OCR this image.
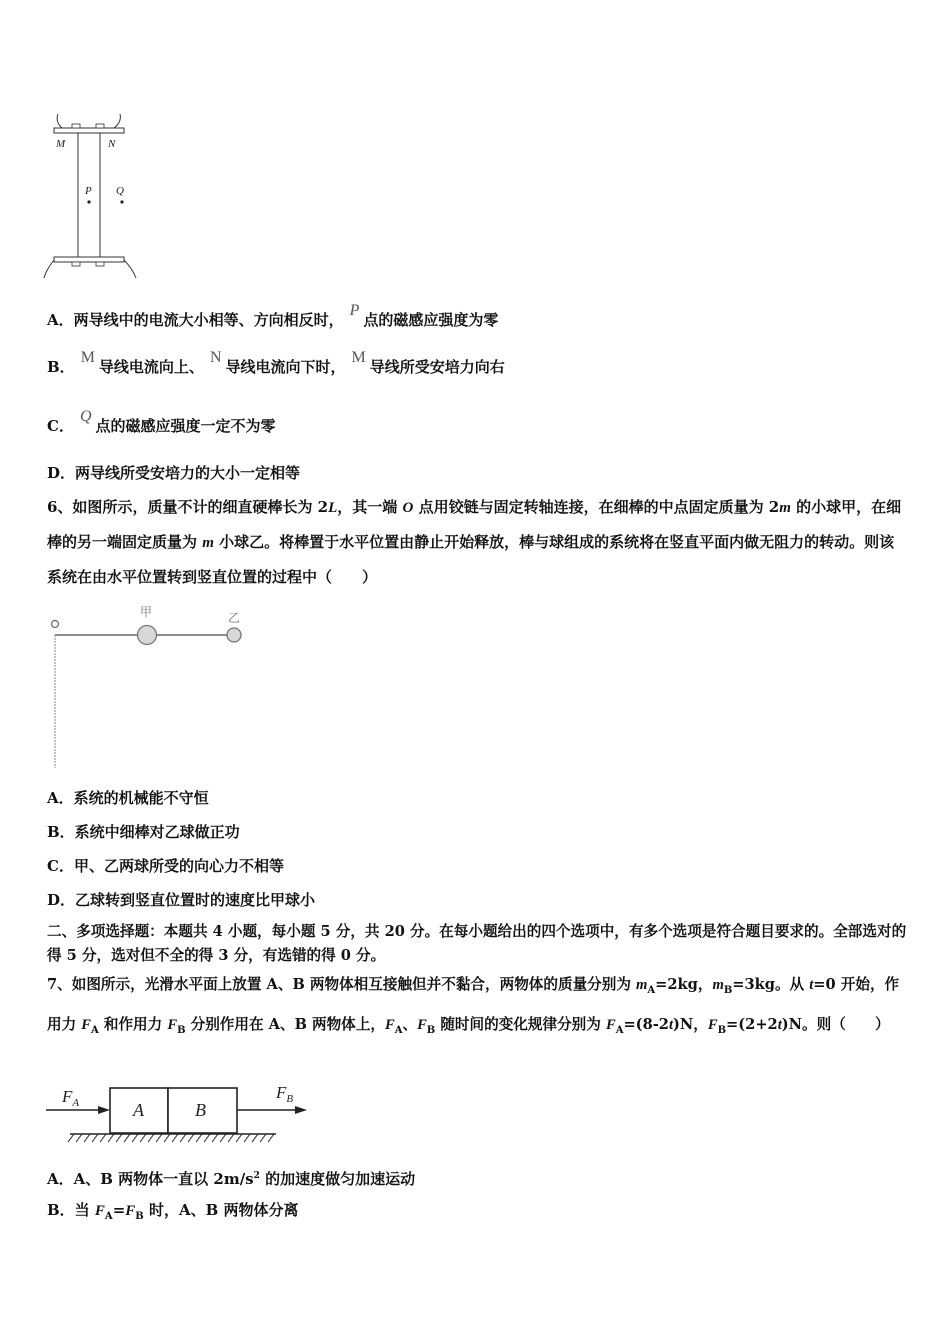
M	N
P Q
A．两导线中的电流大小相等、方向相反时，P点的磁感应强度为零
B．M导线电流向上、N导线电流向下时，M导线所受安培力向右
C．Q点的磁感应强度一定不为零
D．两导线所受安培力的大小一定相等
6、如图所示，质量不计的细直硬棒长为 2L，其一端 O 点用铰链与固定转轴连接，在细棒的中点固定质量为 2m 的小球甲，在细棒的另一端固定质量为 m 小球乙。将棒置于水平位置由静止开始释放，棒与球组成的系统将在竖直平面内做无阻力的转动。则该系统在由水平位置转到竖直位置的过程中（　　）
甲	乙
A．系统的机械能不守恒
B．系统中细棒对乙球做正功
C．甲、乙两球所受的向心力不相等
D．乙球转到竖直位置时的速度比甲球小
二、多项选择题：本题共 4 小题，每小题 5 分，共 20 分。在每小题给出的四个选项中，有多个选项是符合题目要求的。全部选对的得 5 分，选对但不全的得 3 分，有选错的得 0 分。
7、如图所示，光滑水平面上放置 A、B 两物体相互接触但并不黏合，两物体的质量分别为 $m_A=2kg$，$m_B=3kg$。从 t=0 开始，作用力 $F_A$ 和作用力 $F_B$ 分别作用在 A、B 两物体上，$F_A$、$F_B$ 随时间的变化规律分别为 $F_A=(8-2t)N$，$F_B=(2+2t)N$。则（　　）
$F_A$	A	B
$F_B$
A．A、B 两物体一直以 $2m/s^2$ 的加速度做匀加速运动
B．当 $F_A=F_B$ 时，A、B 两物体分离
